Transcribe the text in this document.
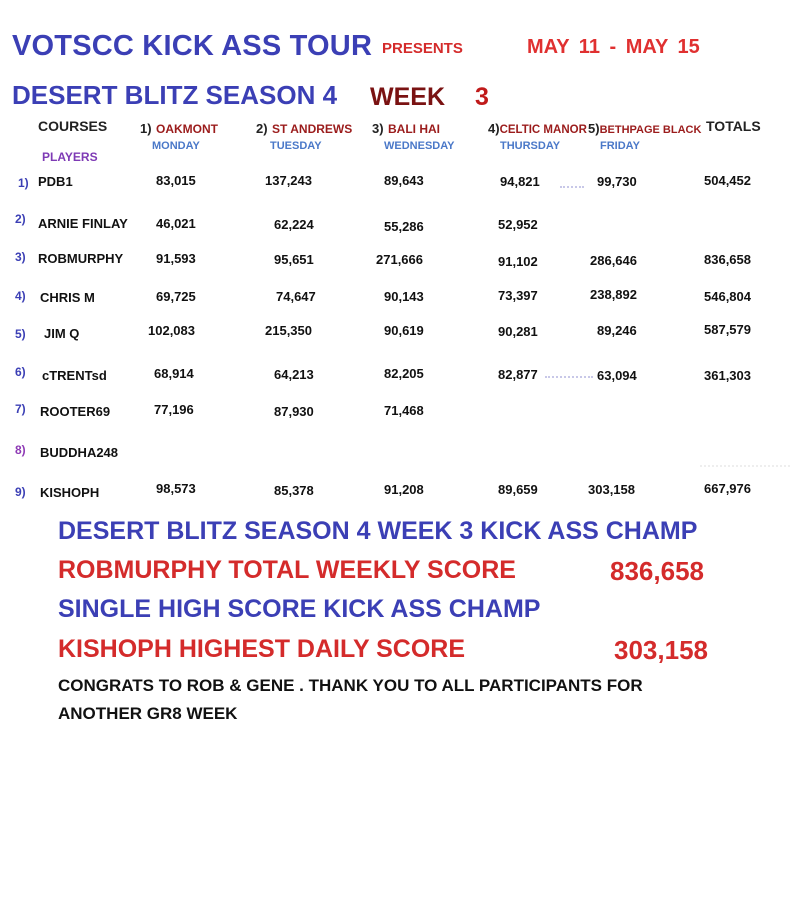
VOTSCC KICK ASS TOUR PRESENTS	MAY 11 - MAY 15
DESERT BLITZ SEASON 4 WEEK 3
COURSES
PLAYERS
TOTALS
1) OAKMONT	2) ST ANDREWS 3) BALI HAI	4)CELTIC MANOR 5)BETHPAGE BLACK
MONDAY	TUESDAY	WEDNESDAY	THURSDAY	FRIDAY
1) PDB1	83,015	137,243	89,643	94,821	99,730	504,452
2) ARNIE FINLAY 46,021	62,224	55,286	52,952
3) ROBMURPHY	91,593	95,651	271,666	91,102	286,646	836,658
4) CHRIS M	69,725	74,647	90,143	73,397	238,892	546,804
5) JIM Q	102,083	215,350	90,619	90,281	89,246	587,579
6) cTRENTsd	68,914	64,213	82,205	82,877	63,094	361,303
7) ROOTER69	77,196	87,930	71,468
8) BUDDHA248
9) KISHOPH	98,573	85,378	91,208	89,659	303,158	667,976
DESERT BLITZ SEASON 4 WEEK 3 KICK ASS CHAMP
ROBMURPHY TOTAL WEEKLY SCORE	836,658
SINGLE HIGH SCORE KICK ASS CHAMP
KISHOPH HIGHEST DAILY SCORE	303,158
CONGRATS TO ROB & GENE . THANK YOU TO ALL PARTICIPANTS FOR
ANOTHER GR8 WEEK
